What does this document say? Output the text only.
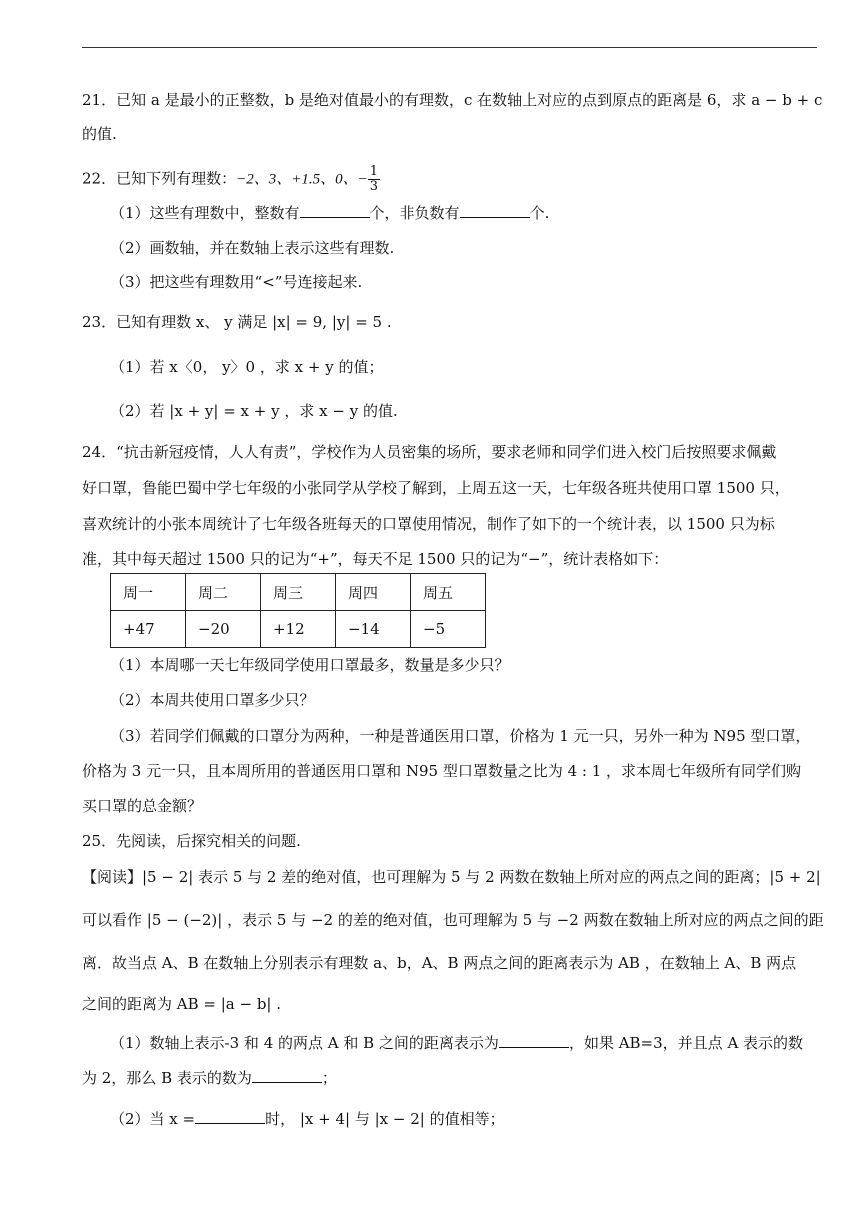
21．已知 a 是最小的正整数，b 是绝对值最小的有理数，c 在数轴上对应的点到原点的距离是 6，求 a − b + c
的值.
22．已知下列有理数：−2、3、+1.5、0、− $\frac{1}{3}$
（1）这些有理数中，整数有	个，非负数有	个.
（2）画数轴，并在数轴上表示这些有理数.
（3）把这些有理数用“<”号连接起来.
23．已知有理数 x、 y 满足 |x| = 9, |y| = 5 .
（1）若 x〈0， y〉0 ，求 x + y 的值；
（2）若 |x + y| = x + y ，求 x − y 的值.
24．“抗击新冠疫情，人人有责”，学校作为人员密集的场所，要求老师和同学们进入校门后按照要求佩戴
好口罩，鲁能巴蜀中学七年级的小张同学从学校了解到，上周五这一天，七年级各班共使用口罩 1500 只，
喜欢统计的小张本周统计了七年级各班每天的口罩使用情况，制作了如下的一个统计表，以 1500 只为标
准，其中每天超过 1500 只的记为“+”，每天不足 1500 只的记为“−”，统计表格如下：
周一	周二	周三	周四	周五
+47	−20	+12	−14	−5
（1）本周哪一天七年级同学使用口罩最多，数量是多少只？
（2）本周共使用口罩多少只？
（3）若同学们佩戴的口罩分为两种，一种是普通医用口罩，价格为 1 元一只，另外一种为 N95 型口罩，
价格为 3 元一只，且本周所用的普通医用口罩和 N95 型口罩数量之比为 4 : 1 ，求本周七年级所有同学们购
买口罩的总金额？
25．先阅读，后探究相关的问题.
【阅读】|5 − 2| 表示 5 与 2 差的绝对值，也可理解为 5 与 2 两数在数轴上所对应的两点之间的距离；|5 + 2|
可以看作 |5 − (−2)| ，表示 5 与 −2 的差的绝对值，也可理解为 5 与 −2 两数在数轴上所对应的两点之间的距
离．故当点 A、B 在数轴上分别表示有理数 a、b，A、B 两点之间的距离表示为 AB ，在数轴上 A、B 两点
之间的距离为 AB = |a − b| .
（1）数轴上表示-3 和 4 的两点 A 和 B 之间的距离表示为	，如果 AB=3，并且点 A 表示的数
为 2，那么 B 表示的数为	；
（2）当 x =	时， |x + 4| 与 |x − 2| 的值相等；
